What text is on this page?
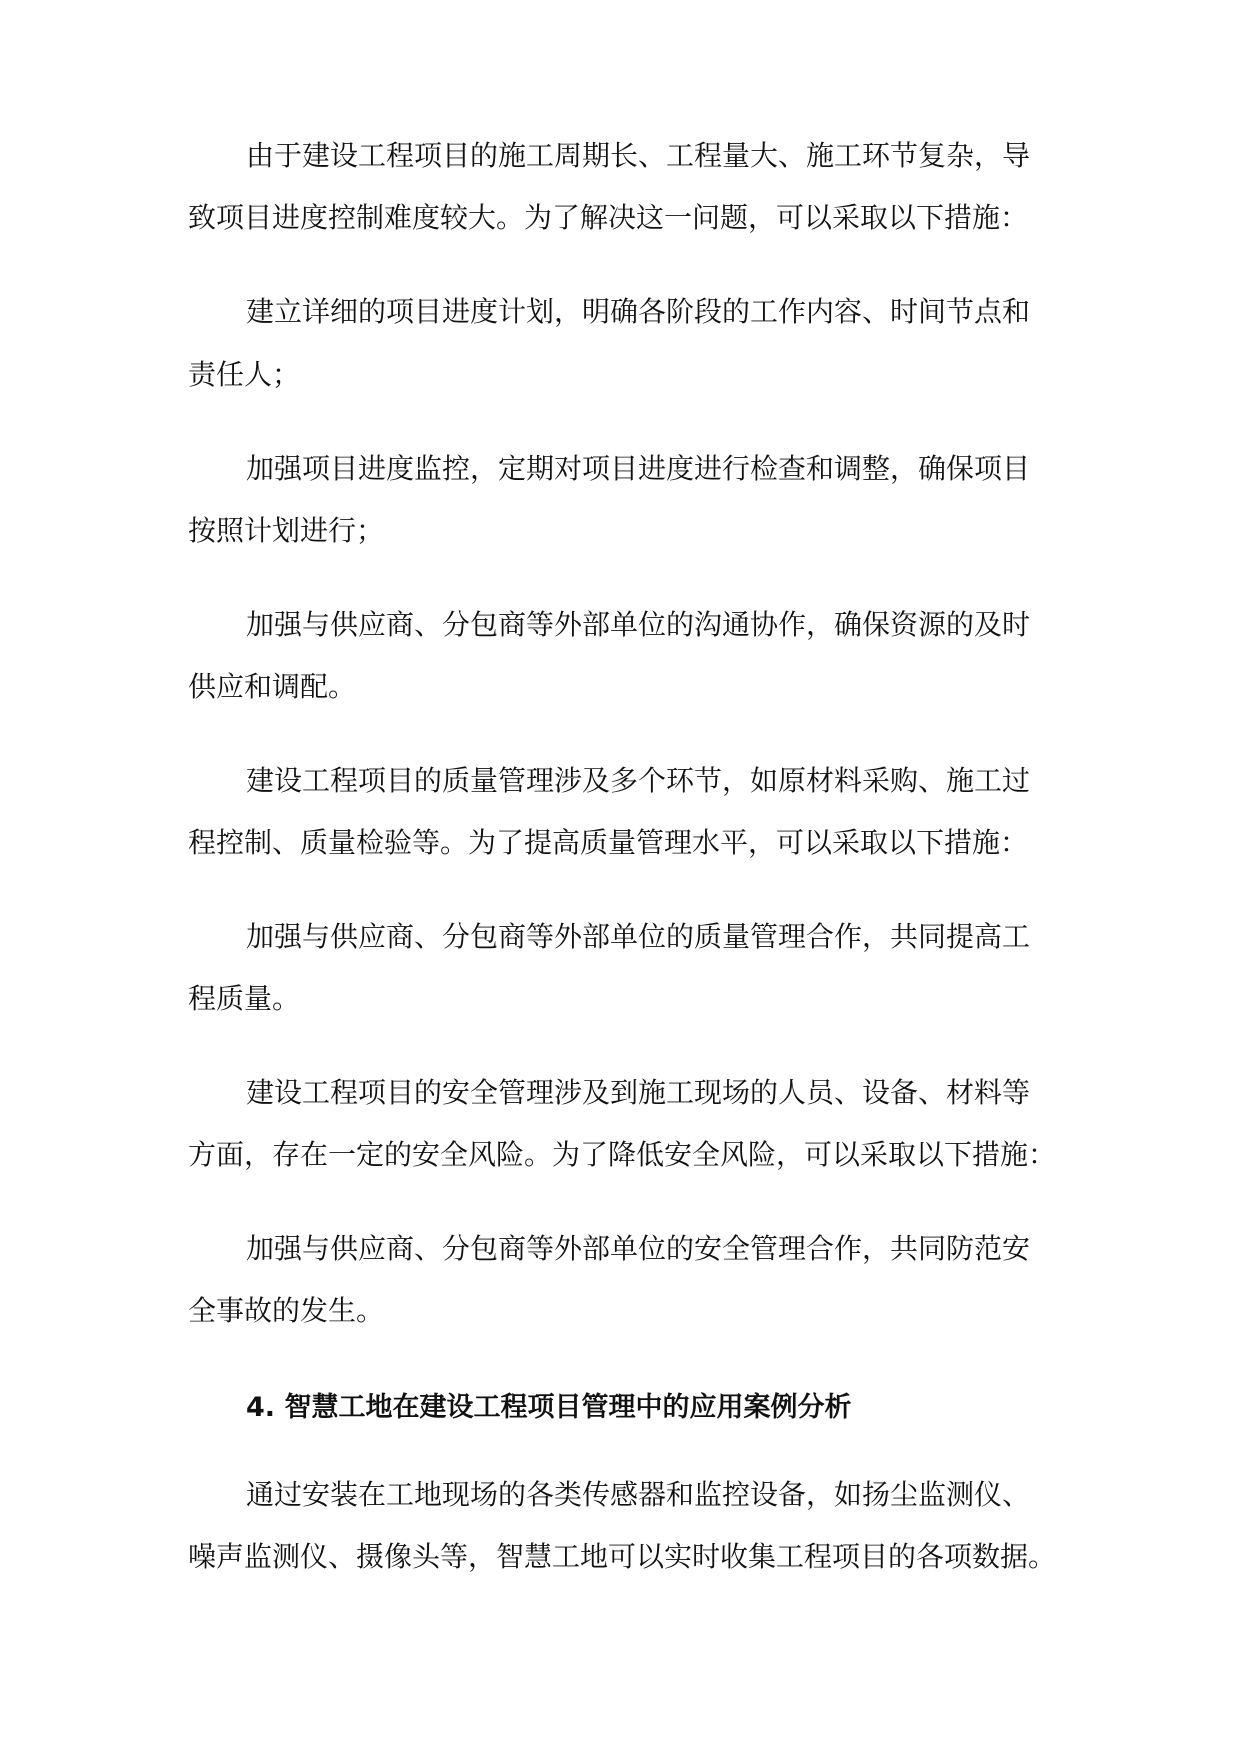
由于建设工程项目的施工周期长、工程量大、施工环节复杂，导
致项目进度控制难度较大。为了解决这一问题，可以采取以下措施：
建立详细的项目进度计划，明确各阶段的工作内容、时间节点和
责任人；
加强项目进度监控，定期对项目进度进行检查和调整，确保项目
按照计划进行；
加强与供应商、分包商等外部单位的沟通协作，确保资源的及时
供应和调配。
建设工程项目的质量管理涉及多个环节，如原材料采购、施工过
程控制、质量检验等。为了提高质量管理水平，可以采取以下措施：
加强与供应商、分包商等外部单位的质量管理合作，共同提高工
程质量。
建设工程项目的安全管理涉及到施工现场的人员、设备、材料等
方面，存在一定的安全风险。为了降低安全风险，可以采取以下措施：
加强与供应商、分包商等外部单位的安全管理合作，共同防范安
全事故的发生。
4. 智慧工地在建设工程项目管理中的应用案例分析
通过安装在工地现场的各类传感器和监控设备，如扬尘监测仪、
噪声监测仪、摄像头等，智慧工地可以实时收集工程项目的各项数据。
